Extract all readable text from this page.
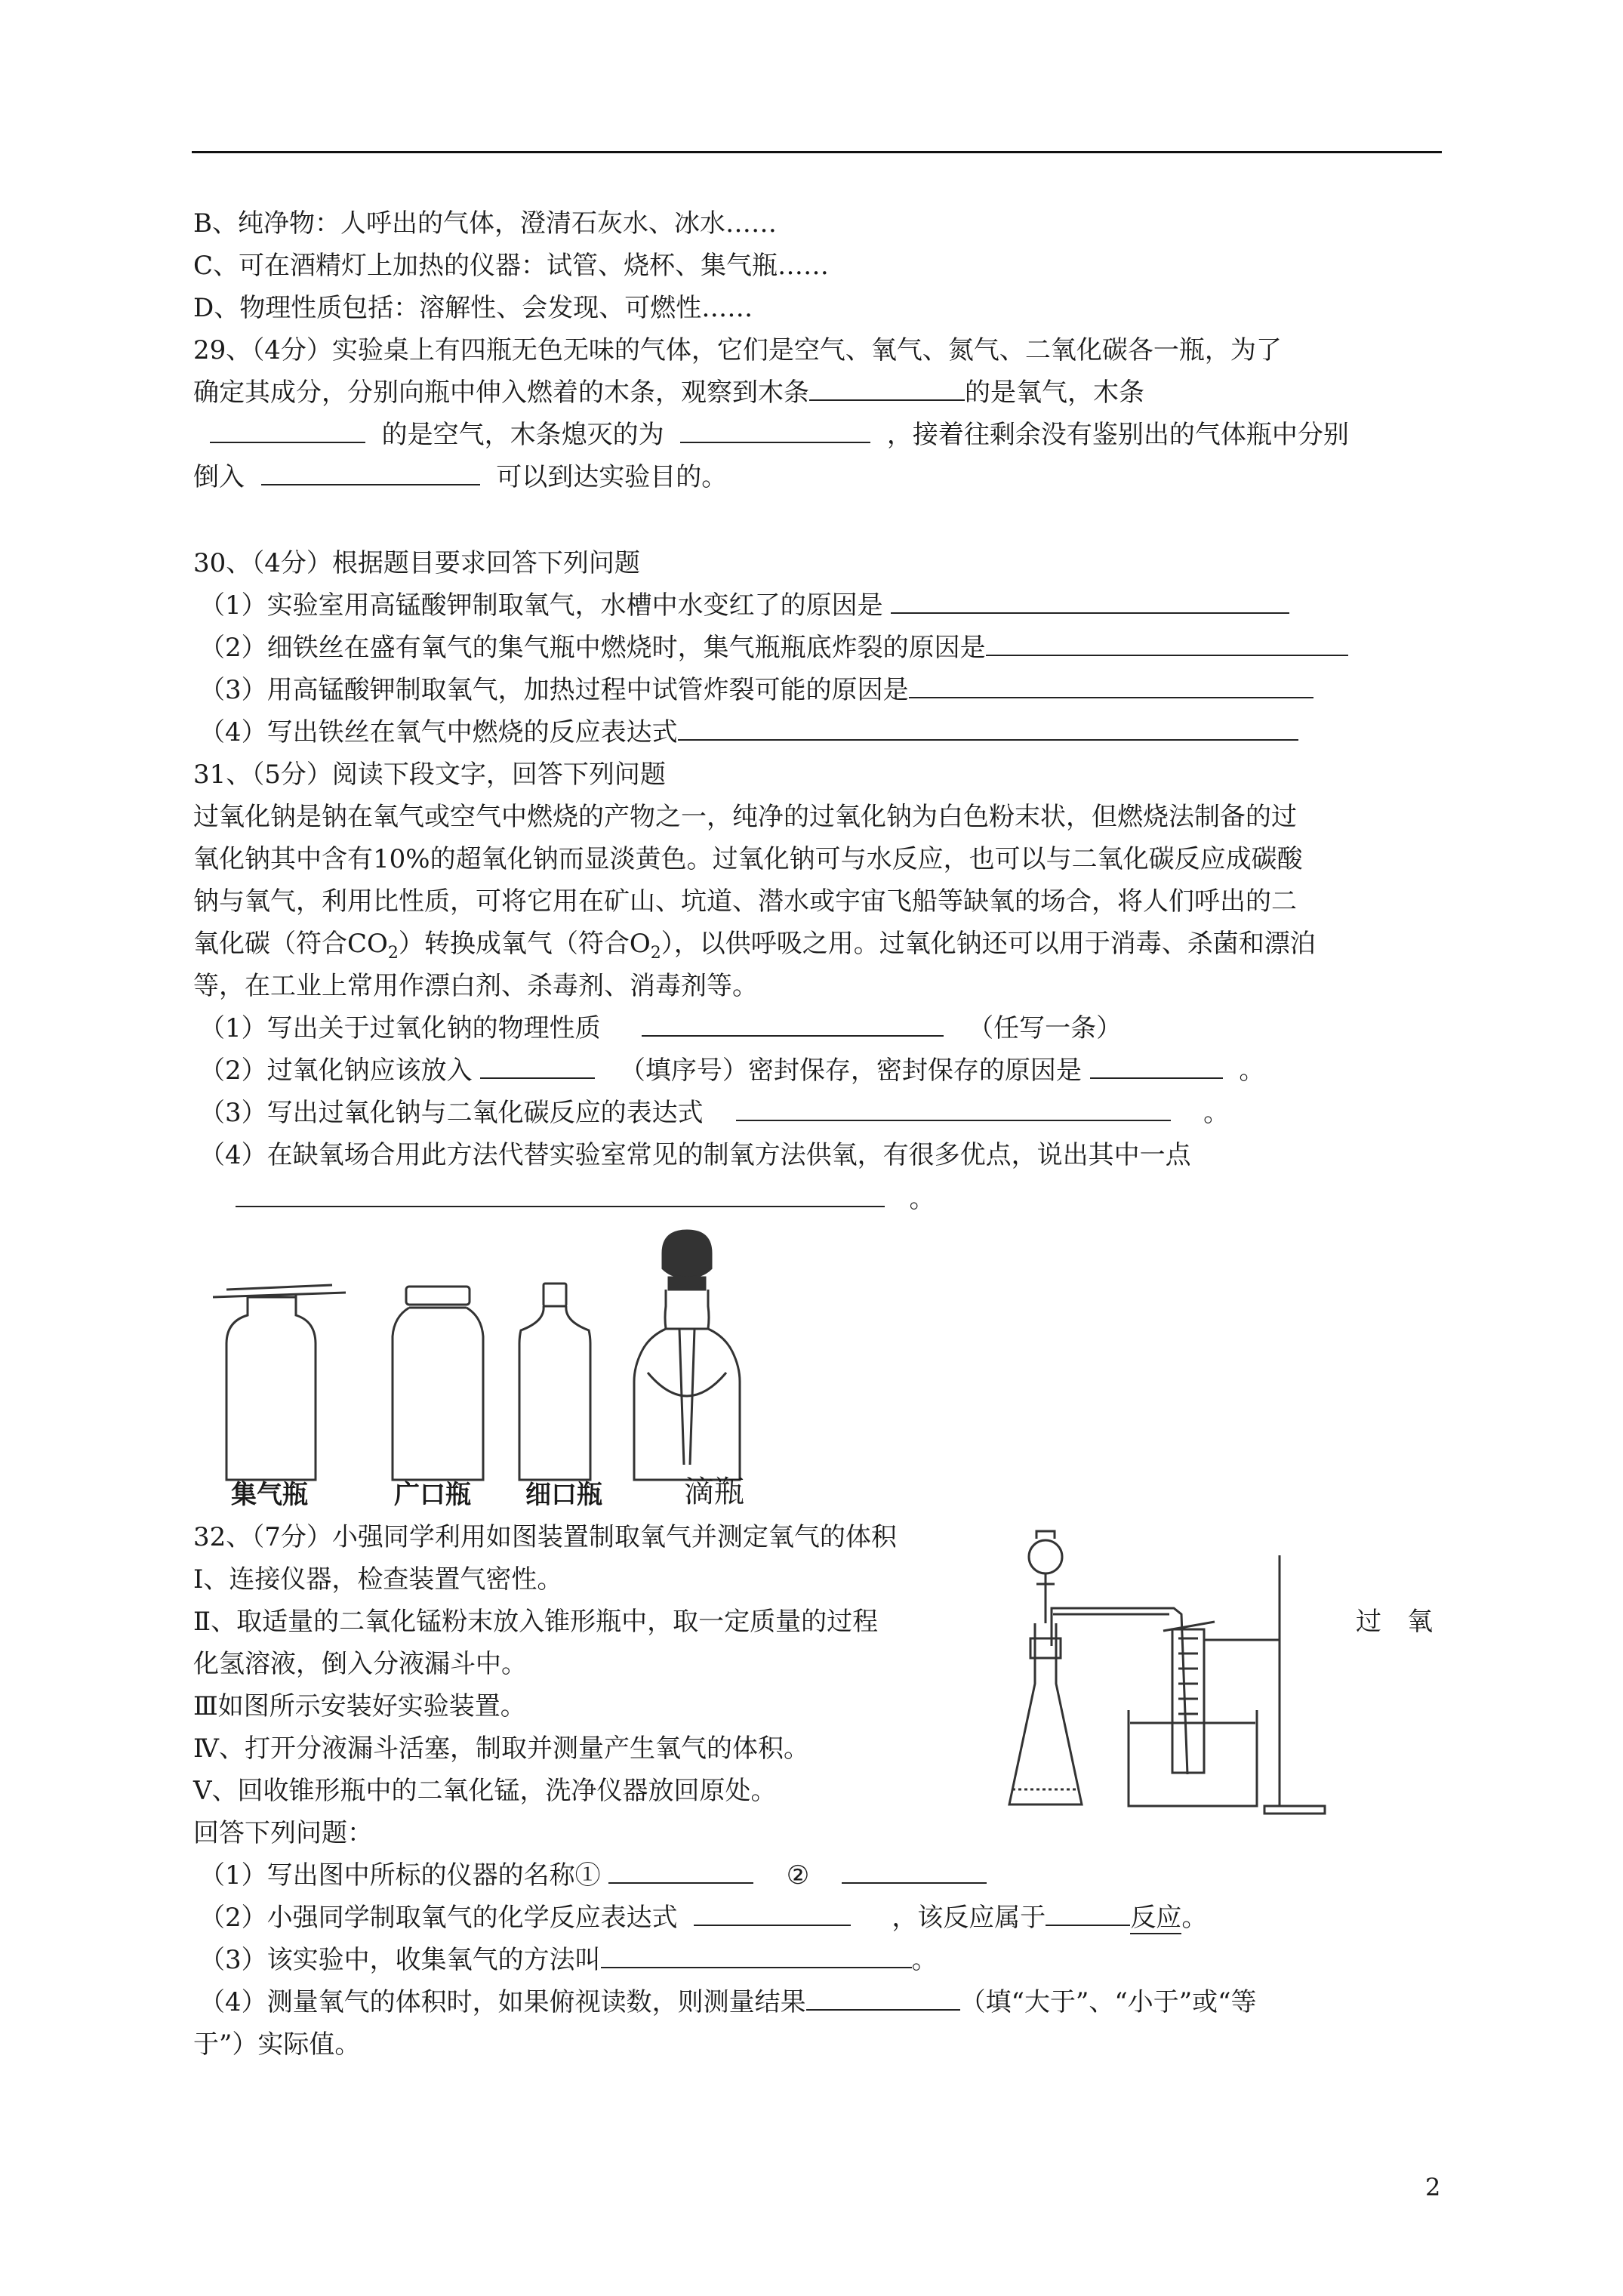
B、纯净物：人呼出的气体，澄清石灰水、冰水……
C、可在酒精灯上加热的仪器：试管、烧杯、集气瓶……
D、物理性质包括：溶解性、会发现、可燃性……
29、（4分）实验桌上有四瓶无色无味的气体，它们是空气、氧气、氮气、二氧化碳各一瓶，为了
确定其成分，分别向瓶中伸入燃着的木条，观察到木条	的是氧气，木条
的是空气，木条熄灭的为	，接着往剩余没有鉴别出的气体瓶中分别
倒入	可以到达实验目的。
30、（4分）根据题目要求回答下列问题
（1）实验室用高锰酸钾制取氧气，水槽中水变红了的原因是
（2）细铁丝在盛有氧气的集气瓶中燃烧时，集气瓶瓶底炸裂的原因是
（3）用高锰酸钾制取氧气，加热过程中试管炸裂可能的原因是
（4）写出铁丝在氧气中燃烧的反应表达式
31、（5分）阅读下段文字，回答下列问题
过氧化钠是钠在氧气或空气中燃烧的产物之一，纯净的过氧化钠为白色粉末状，但燃烧法制备的过
氧化钠其中含有10%的超氧化钠而显淡黄色。过氧化钠可与水反应，也可以与二氧化碳反应成碳酸
钠与氧气，利用比性质，可将它用在矿山、坑道、潜水或宇宙飞船等缺氧的场合，将人们呼出的二
氧化碳（符合$CO_2$）转换成氧气（符合$O_2$），以供呼吸之用。过氧化钠还可以用于消毒、杀菌和漂泊
等，在工业上常用作漂白剂、杀毒剂、消毒剂等。
（1）写出关于过氧化钠的物理性质	（任写一条）
（2）过氧化钠应该放入	（填序号）密封保存，密封保存的原因是	。
（3）写出过氧化钠与二氧化碳反应的表达式	。
（4）在缺氧场合用此方法代替实验室常见的制氧方法供氧，有很多优点，说出其中一点
。
集气瓶	广口瓶 细口瓶	滴瓶
32、（7分）小强同学利用如图装置制取氧气并测定氧气的体积
Ⅰ、连接仪器，检查装置气密性。
Ⅱ、取适量的二氧化锰粉末放入锥形瓶中，取一定质量的过程	过　氧
化氢溶液，倒入分液漏斗中。
Ⅲ如图所示安装好实验装置。
Ⅳ、打开分液漏斗活塞，制取并测量产生氧气的体积。
Ⅴ、回收锥形瓶中的二氧化锰，洗净仪器放回原处。
回答下列问题：
（1）写出图中所标的仪器的名称①	②
（2）小强同学制取氧气的化学反应表达式	，该反应属于	反应。
（3）该实验中，收集氧气的方法叫	。
（4）测量氧气的体积时，如果俯视读数，则测量结果	（填“大于”、“小于”或“等
于”）实际值。
2
